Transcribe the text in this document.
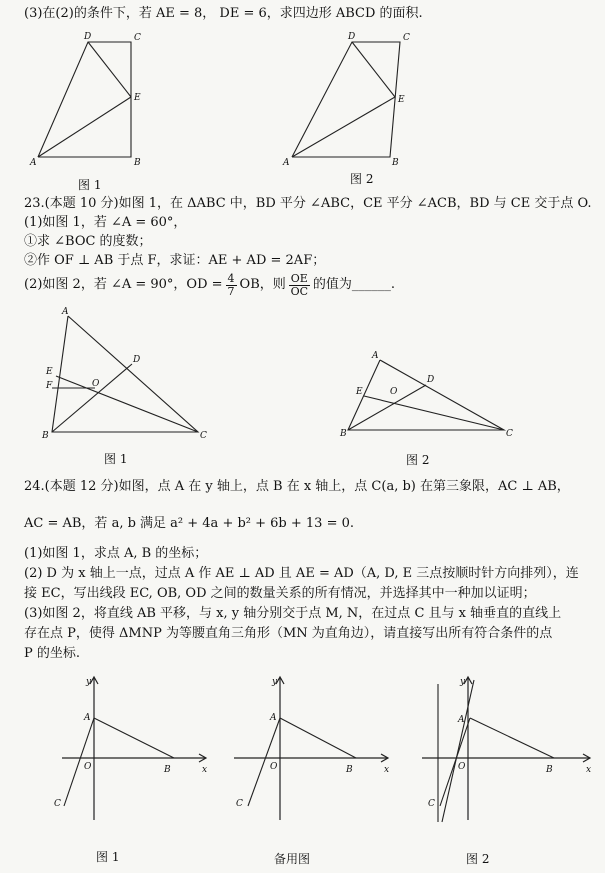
(3)在(2)的条件下，若 AE = 8， DE = 6，求四边形 ABCD 的面积.
D	C
E
A	B
图 1
D	C
E
A	B
图 2
23.(本题 10 分)如图 1，在 ΔABC 中，BD 平分 ∠ABC，CE 平分 ∠ACB，BD 与 CE 交于点 O.
(1)如图 1，若 ∠A = 60°，
①求 ∠BOC 的度数；
②作 OF ⊥ AB 于点 F，求证：AE + AD = 2AF；
(2)如图 2，若 ∠A = 90°，OD = $\frac{4}{7}$ OB，则 $\frac{OE}{OC}$ 的值为______.
A
D
E
F	O
B	C
图 1
A
D
E	O
B	C
图 2
24.(本题 12 分)如图，点 A 在 y 轴上，点 B 在 x 轴上，点 C(a, b) 在第三象限，AC ⊥ AB，
AC = AB，若 a, b 满足 a² + 4a + b² + 6b + 13 = 0.
(1)如图 1，求点 A, B 的坐标；
(2) D 为 x 轴上一点，过点 A 作 AE ⊥ AD 且 AE = AD（A, D, E 三点按顺时针方向排列），连
接 EC，写出线段 EC, OB, OD 之间的数量关系的所有情况，并选择其中一种加以证明；
(3)如图 2，将直线 AB 平移，与 x, y 轴分别交于点 M, N，在过点 C 且与 x 轴垂直的直线上
存在点 P，使得 ΔMNP 为等腰直角三角形（MN 为直角边），请直接写出所有符合条件的点
P 的坐标.
y
x
A
O	B
C
图 1
y
x
A
O	B
C
备用图
y
x
A
O	B
C
图 2
